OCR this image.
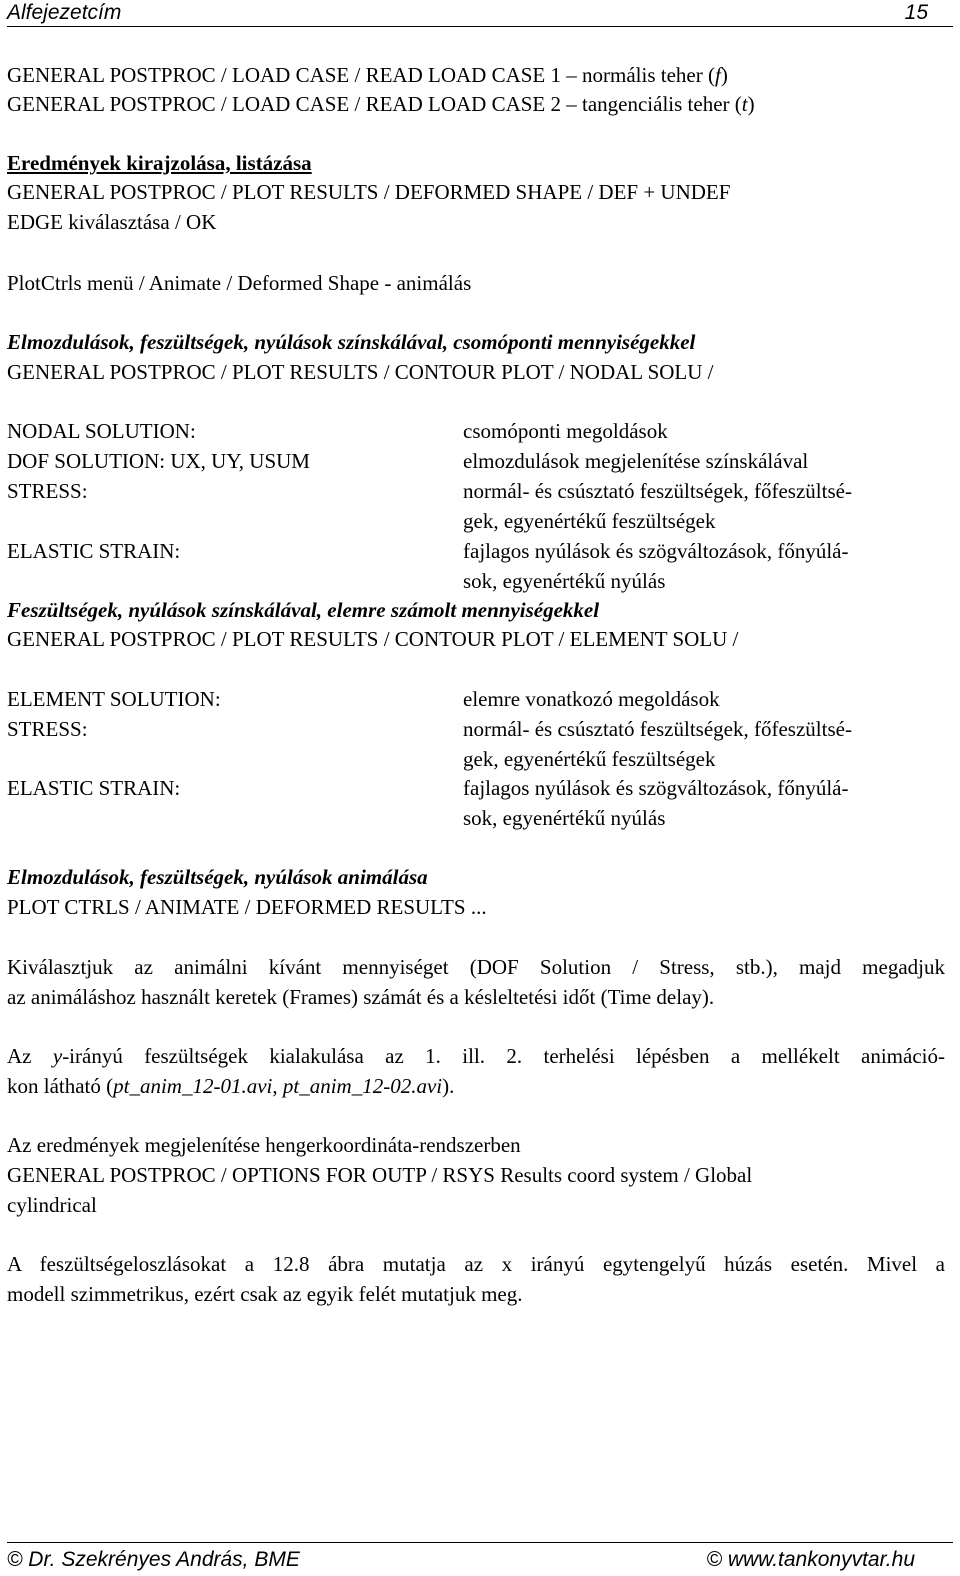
Alfejezetcím	15
GENERAL POSTPROC / LOAD CASE / READ LOAD CASE 1 – normális teher (f)
GENERAL POSTPROC / LOAD CASE / READ LOAD CASE 2 – tangenciális teher (t)
Eredmények kirajzolása, listázása
GENERAL POSTPROC / PLOT RESULTS / DEFORMED SHAPE / DEF + UNDEF
EDGE kiválasztása / OK
PlotCtrls menü / Animate / Deformed Shape - animálás
Elmozdulások, feszültségek, nyúlások színskálával, csomóponti mennyiségekkel
GENERAL POSTPROC / PLOT RESULTS / CONTOUR PLOT / NODAL SOLU /
NODAL SOLUTION:	csomóponti megoldások
DOF SOLUTION: UX, UY, USUM	elmozdulások megjelenítése színskálával
STRESS:	normál- és csúsztató feszültségek, főfeszültsé-
gek, egyenértékű feszültségek
ELASTIC STRAIN:	fajlagos nyúlások és szögváltozások, főnyúlá-
sok, egyenértékű nyúlás
Feszültségek, nyúlások színskálával, elemre számolt mennyiségekkel
GENERAL POSTPROC / PLOT RESULTS / CONTOUR PLOT / ELEMENT SOLU /
ELEMENT SOLUTION:	elemre vonatkozó megoldások
STRESS:	normál- és csúsztató feszültségek, főfeszültsé-
gek, egyenértékű feszültségek
ELASTIC STRAIN:	fajlagos nyúlások és szögváltozások, főnyúlá-
sok, egyenértékű nyúlás
Elmozdulások, feszültségek, nyúlások animálása
PLOT CTRLS / ANIMATE / DEFORMED RESULTS ...
Kiválasztjuk az animálni kívánt mennyiséget (DOF Solution / Stress, stb.), majd megadjuk
az animáláshoz használt keretek (Frames) számát és a késleltetési időt (Time delay).
Az y-irányú feszültségek kialakulása az 1. ill. 2. terhelési lépésben a mellékelt animáció-
kon látható (pt_anim_12-01.avi, pt_anim_12-02.avi).
Az eredmények megjelenítése hengerkoordináta-rendszerben
GENERAL POSTPROC / OPTIONS FOR OUTP / RSYS Results coord system / Global
cylindrical
A feszültségeloszlásokat a 12.8 ábra mutatja az x irányú egytengelyű húzás esetén. Mivel a
modell szimmetrikus, ezért csak az egyik felét mutatjuk meg.
© Dr. Szekrényes András, BME	© www.tankonyvtar.hu
